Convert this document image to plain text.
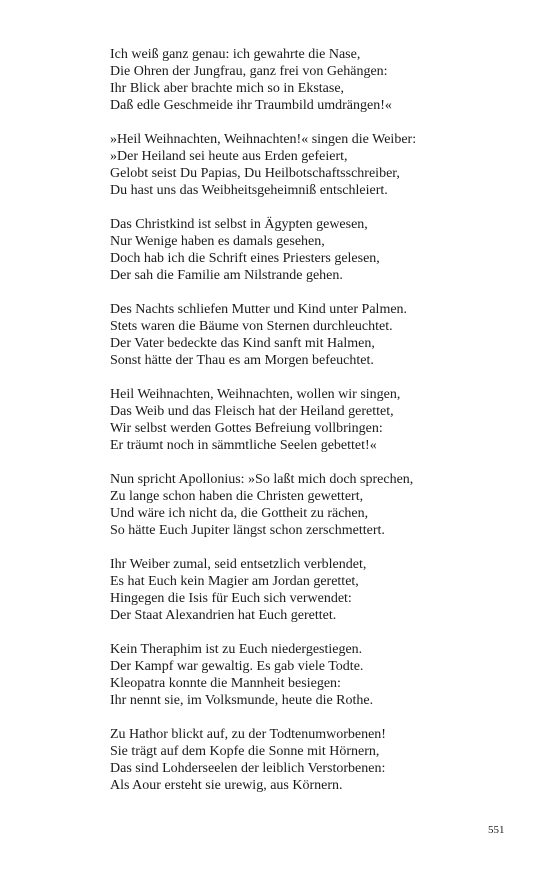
Ich weiß ganz genau: ich gewahrte die Nase,
Die Ohren der Jungfrau, ganz frei von Gehängen:
Ihr Blick aber brachte mich so in Ekstase,
Daß edle Geschmeide ihr Traumbild umdrängen!«
»Heil Weihnachten, Weihnachten!« singen die Weiber:
»Der Heiland sei heute aus Erden gefeiert,
Gelobt seist Du Papias, Du Heilbotschaftsschreiber,
Du hast uns das Weibheitsgeheimniß entschleiert.
Das Christkind ist selbst in Ägypten gewesen,
Nur Wenige haben es damals gesehen,
Doch hab ich die Schrift eines Priesters gelesen,
Der sah die Familie am Nilstrande gehen.
Des Nachts schliefen Mutter und Kind unter Palmen.
Stets waren die Bäume von Sternen durchleuchtet.
Der Vater bedeckte das Kind sanft mit Halmen,
Sonst hätte der Thau es am Morgen befeuchtet.
Heil Weihnachten, Weihnachten, wollen wir singen,
Das Weib und das Fleisch hat der Heiland gerettet,
Wir selbst werden Gottes Befreiung vollbringen:
Er träumt noch in sämmtliche Seelen gebettet!«
Nun spricht Apollonius: »So laßt mich doch sprechen,
Zu lange schon haben die Christen gewettert,
Und wäre ich nicht da, die Gottheit zu rächen,
So hätte Euch Jupiter längst schon zerschmettert.
Ihr Weiber zumal, seid entsetzlich verblendet,
Es hat Euch kein Magier am Jordan gerettet,
Hingegen die Isis für Euch sich verwendet:
Der Staat Alexandrien hat Euch gerettet.
Kein Theraphim ist zu Euch niedergestiegen.
Der Kampf war gewaltig. Es gab viele Todte.
Kleopatra konnte die Mannheit besiegen:
Ihr nennt sie, im Volksmunde, heute die Rothe.
Zu Hathor blickt auf, zu der Todtenumworbenen!
Sie trägt auf dem Kopfe die Sonne mit Hörnern,
Das sind Lohderseelen der leiblich Verstorbenen:
Als Aour ersteht sie urewig, aus Körnern.
551
